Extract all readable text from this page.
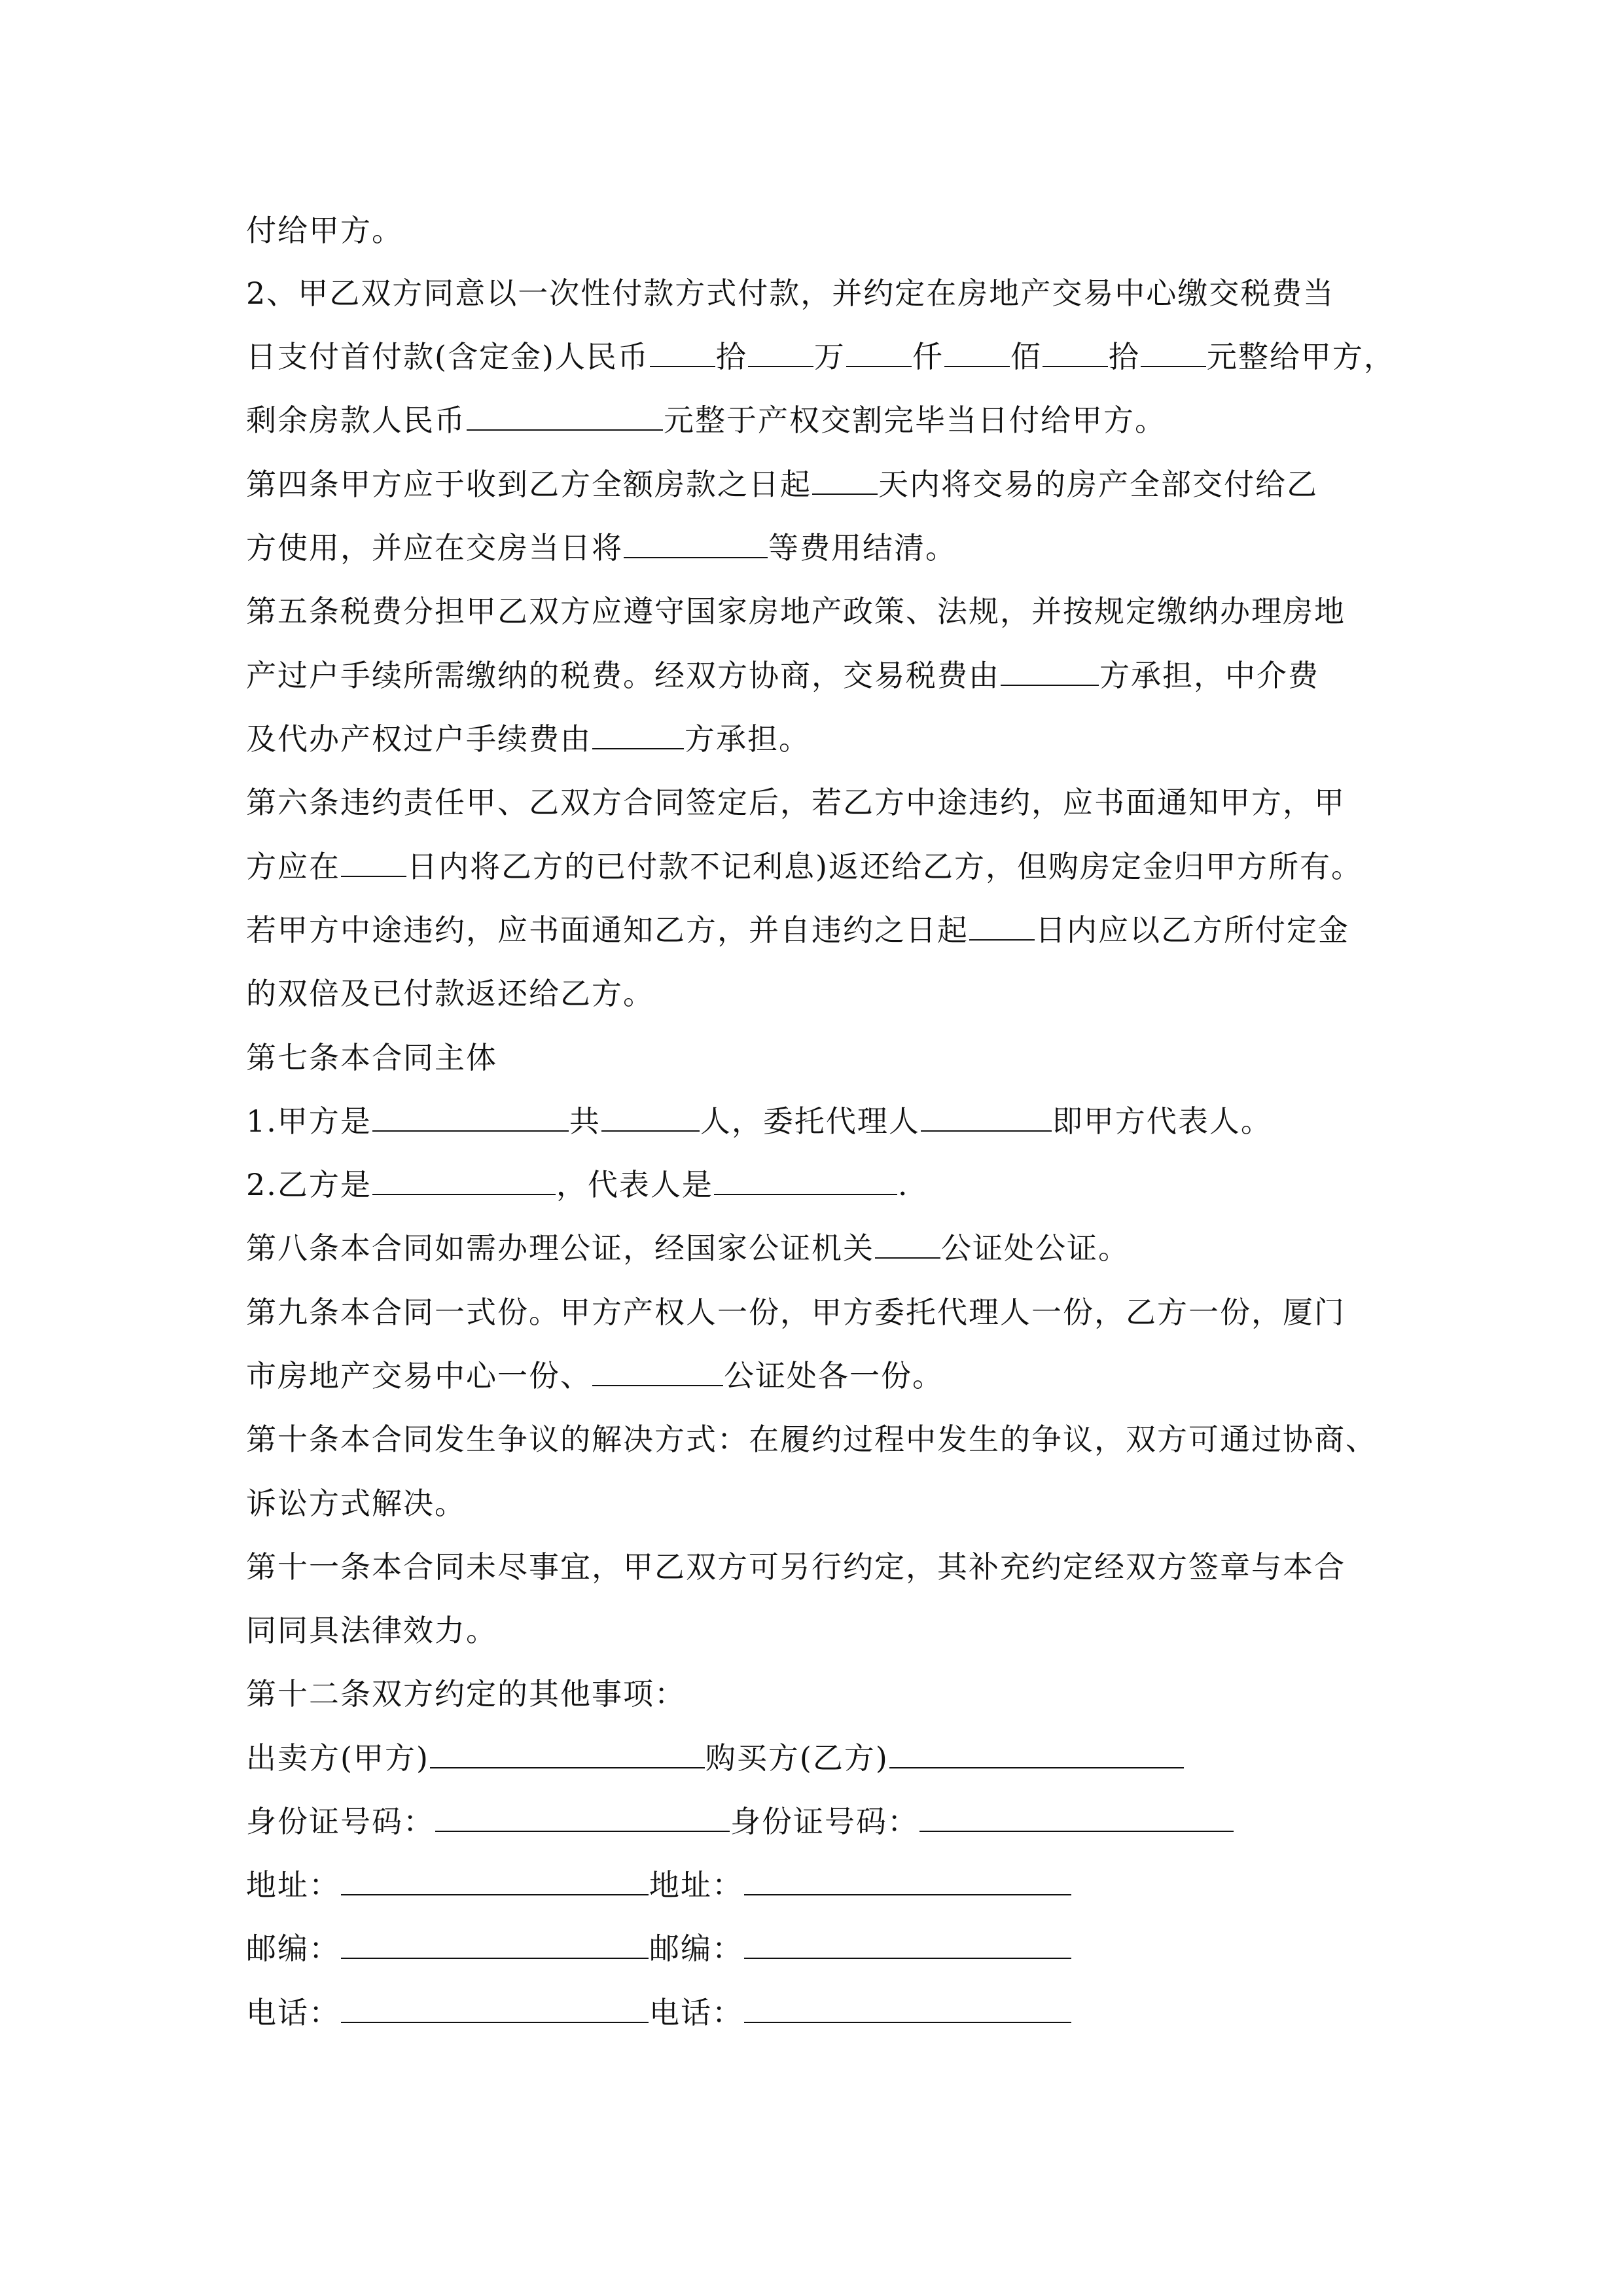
付给甲方。
2、甲乙双方同意以一次性付款方式付款，并约定在房地产交易中心缴交税费当
日支付首付款(含定金)人民币 拾 万 仟 佰 拾 元整给甲方，
剩余房款人民币	元整于产权交割完毕当日付给甲方。
第四条甲方应于收到乙方全额房款之日起 天内将交易的房产全部交付给乙
方使用，并应在交房当日将	等费用结清。
第五条税费分担甲乙双方应遵守国家房地产政策、法规，并按规定缴纳办理房地
产过户手续所需缴纳的税费。经双方协商，交易税费由	方承担，中介费
及代办产权过户手续费由	方承担。
第六条违约责任甲、乙双方合同签定后，若乙方中途违约，应书面通知甲方，甲
方应在 日内将乙方的已付款不记利息)返还给乙方，但购房定金归甲方所有。
若甲方中途违约，应书面通知乙方，并自违约之日起 日内应以乙方所付定金
的双倍及已付款返还给乙方。
第七条本合同主体
1.甲方是	共	人，委托代理人	即甲方代表人。
2.乙方是	，代表人是	.
第八条本合同如需办理公证，经国家公证机关 公证处公证。
第九条本合同一式份。甲方产权人一份，甲方委托代理人一份，乙方一份，厦门
市房地产交易中心一份、	公证处各一份。
第十条本合同发生争议的解决方式：在履约过程中发生的争议，双方可通过协商、
诉讼方式解决。
第十一条本合同未尽事宜，甲乙双方可另行约定，其补充约定经双方签章与本合
同同具法律效力。
第十二条双方约定的其他事项：
出卖方(甲方)	购买方(乙方)
身份证号码：	身份证号码：
地址：	地址：
邮编：	邮编：
电话：	电话：
